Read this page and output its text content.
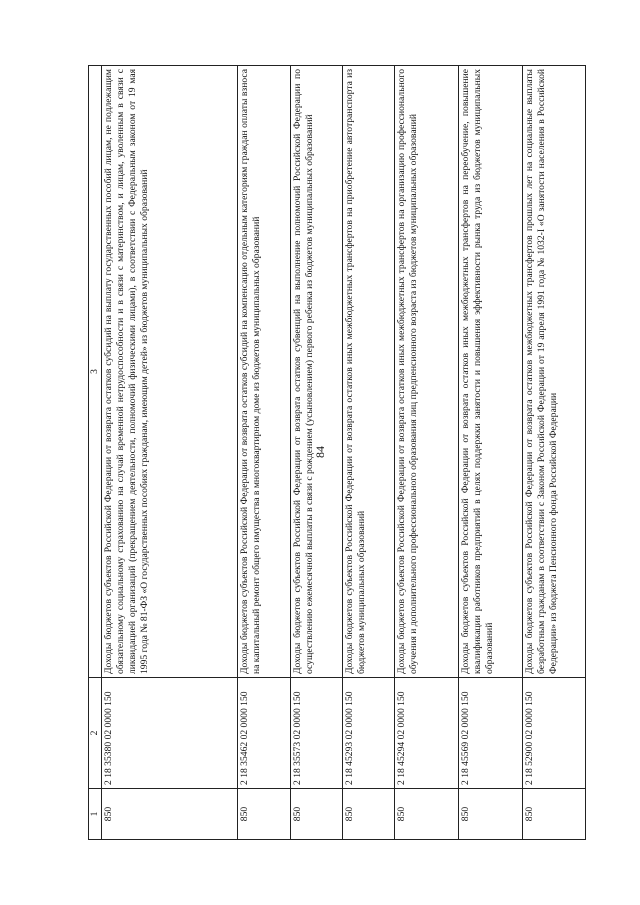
84
1	2	3
850	2 18 35380 02 0000 150	Доходы бюджетов субъектов Российской Федерации от возврата остатков субсидий на выплату государственных пособий лицам, не подлежащим обязательному социальному страхованию на случай временной нетрудоспособности и в связи с материнством, и лицам, уволенным в связи с ликвидацией организаций (прекращением деятельности, полномочий физическими лицами), в соответствии с Федеральным законом от 19 мая 1995 года № 81-ФЗ «О государственных пособиях гражданам, имеющим детей» из бюджетов муниципальных образований
850	2 18 35462 02 0000 150	Доходы бюджетов субъектов Российской Федерации от возврата остатков субсидий на компенсацию отдельным категориям граждан оплаты взноса на капитальный ремонт общего имущества в многоквартирном доме из бюджетов муниципальных образований
850	2 18 35573 02 0000 150	Доходы бюджетов субъектов Российской Федерации от возврата остатков субвенций на выполнение полномочий Российской Федерации по осуществлению ежемесячной выплаты в связи с рождением (усыновлением) первого ребенка из бюджетов муниципальных образований
850	2 18 45293 02 0000 150	Доходы бюджетов субъектов Российской Федерации от возврата остатков иных межбюджетных трансфертов на приобретение автотранспорта из бюджетов муниципальных образований
850	2 18 45294 02 0000 150	Доходы бюджетов субъектов Российской Федерации от возврата остатков иных межбюджетных трансфертов на организацию профессионального обучения и дополнительного профессионального образования лиц предпенсионного возраста из бюджетов муниципальных образований
850	2 18 45569 02 0000 150	Доходы бюджетов субъектов Российской Федерации от возврата остатков иных межбюджетных трансфертов на переобучение, повышение квалификации работников предприятий в целях поддержки занятости и повышения эффективности рынка труда из бюджетов муниципальных образований
850	2 18 52900 02 0000 150	Доходы бюджетов субъектов Российской Федерации от возврата остатков межбюджетных трансфертов прошлых лет на социальные выплаты безработным гражданам в соответствии с Законом Российской Федерации от 19 апреля 1991 года № 1032-I «О занятости населения в Российской Федерации» из бюджета Пенсионного фонда Российской Федерации
